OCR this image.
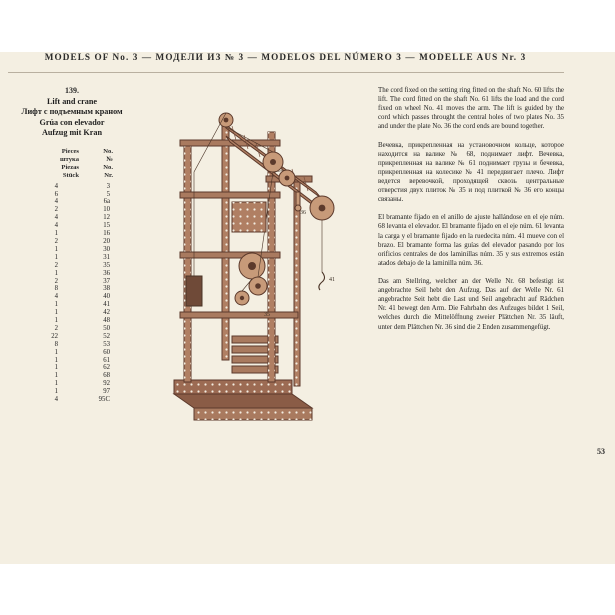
MODELS OF No. 3 — МОДЕЛИ ИЗ № 3 — MODELOS DEL NÚMERO 3 — MODELLE AUS Nr. 3
139.
Lift and crane
Лифт с подъемным краном
Grúa con elevador
Aufzug mit Kran
Pieces	No.
штука	№
Piezas	No.
Stück	Nr.
4	3
6	5
4	6a
2	10
4	12
4	15
1	16
2	20
1	30
1	31
2	35
1	36
2	37
8	38
4	40
1	41
1	42
1	48
2	50
22	52
8	53
1	60
1	61
1	62
1	68
1	92
1	97
4	95C
36
35
41
The cord fixed on the setting ring fitted on the shaft No. 60 lifts the lift. The cord fitted on the shaft No. 61 lifts the load and the cord fixed on wheel No. 41 moves the arm. The lift is guided by the cord which passes throught the central holes of two plates No. 35 and under the plate No. 36 the cord ends are bound together.
Вечевка, прикрепленная на установочном кольце, которое находится на валике № 68, поднимает лифт. Вечевка, прикрепленная на валике № 61 поднимает грузы и бечевка, прикрепленная на колесике № 41 передвигает плечо. Лифт ведется веревочкой, проходящей сквозь центральные отверстия двух плиток № 35 и под плиткой № 36 его концы связаны.
El bramante fijado en el anillo de ajuste hallándose en el eje núm. 68 levanta el elevador. El bramante fijado en el eje núm. 61 levanta la carga y el bramante fijado en la ruedecita núm. 41 mueve con el brazo. El bramante forma las guías del elevador pasando por los orificios centrales de dos laminillas núm. 35 y sus extremos están atados debajo de la laminilla núm. 36.
Das am Stellring, welcher an der Welle Nr. 68 befestigt ist angebrachte Seil hebt den Aufzug. Das auf der Welle Nr. 61 angebrachte Seit hebt die Last und Seil angebracht auf Rädchen Nr. 41 bewegt den Arm. Die Fahrbahn des Aufzuges bildet 1 Seil, welches durch die Mittelöffnung zweier Plättchen Nr. 35 läuft, unter dem Plättchen Nr. 36 sind die 2 Enden zusammengefügt.
53
